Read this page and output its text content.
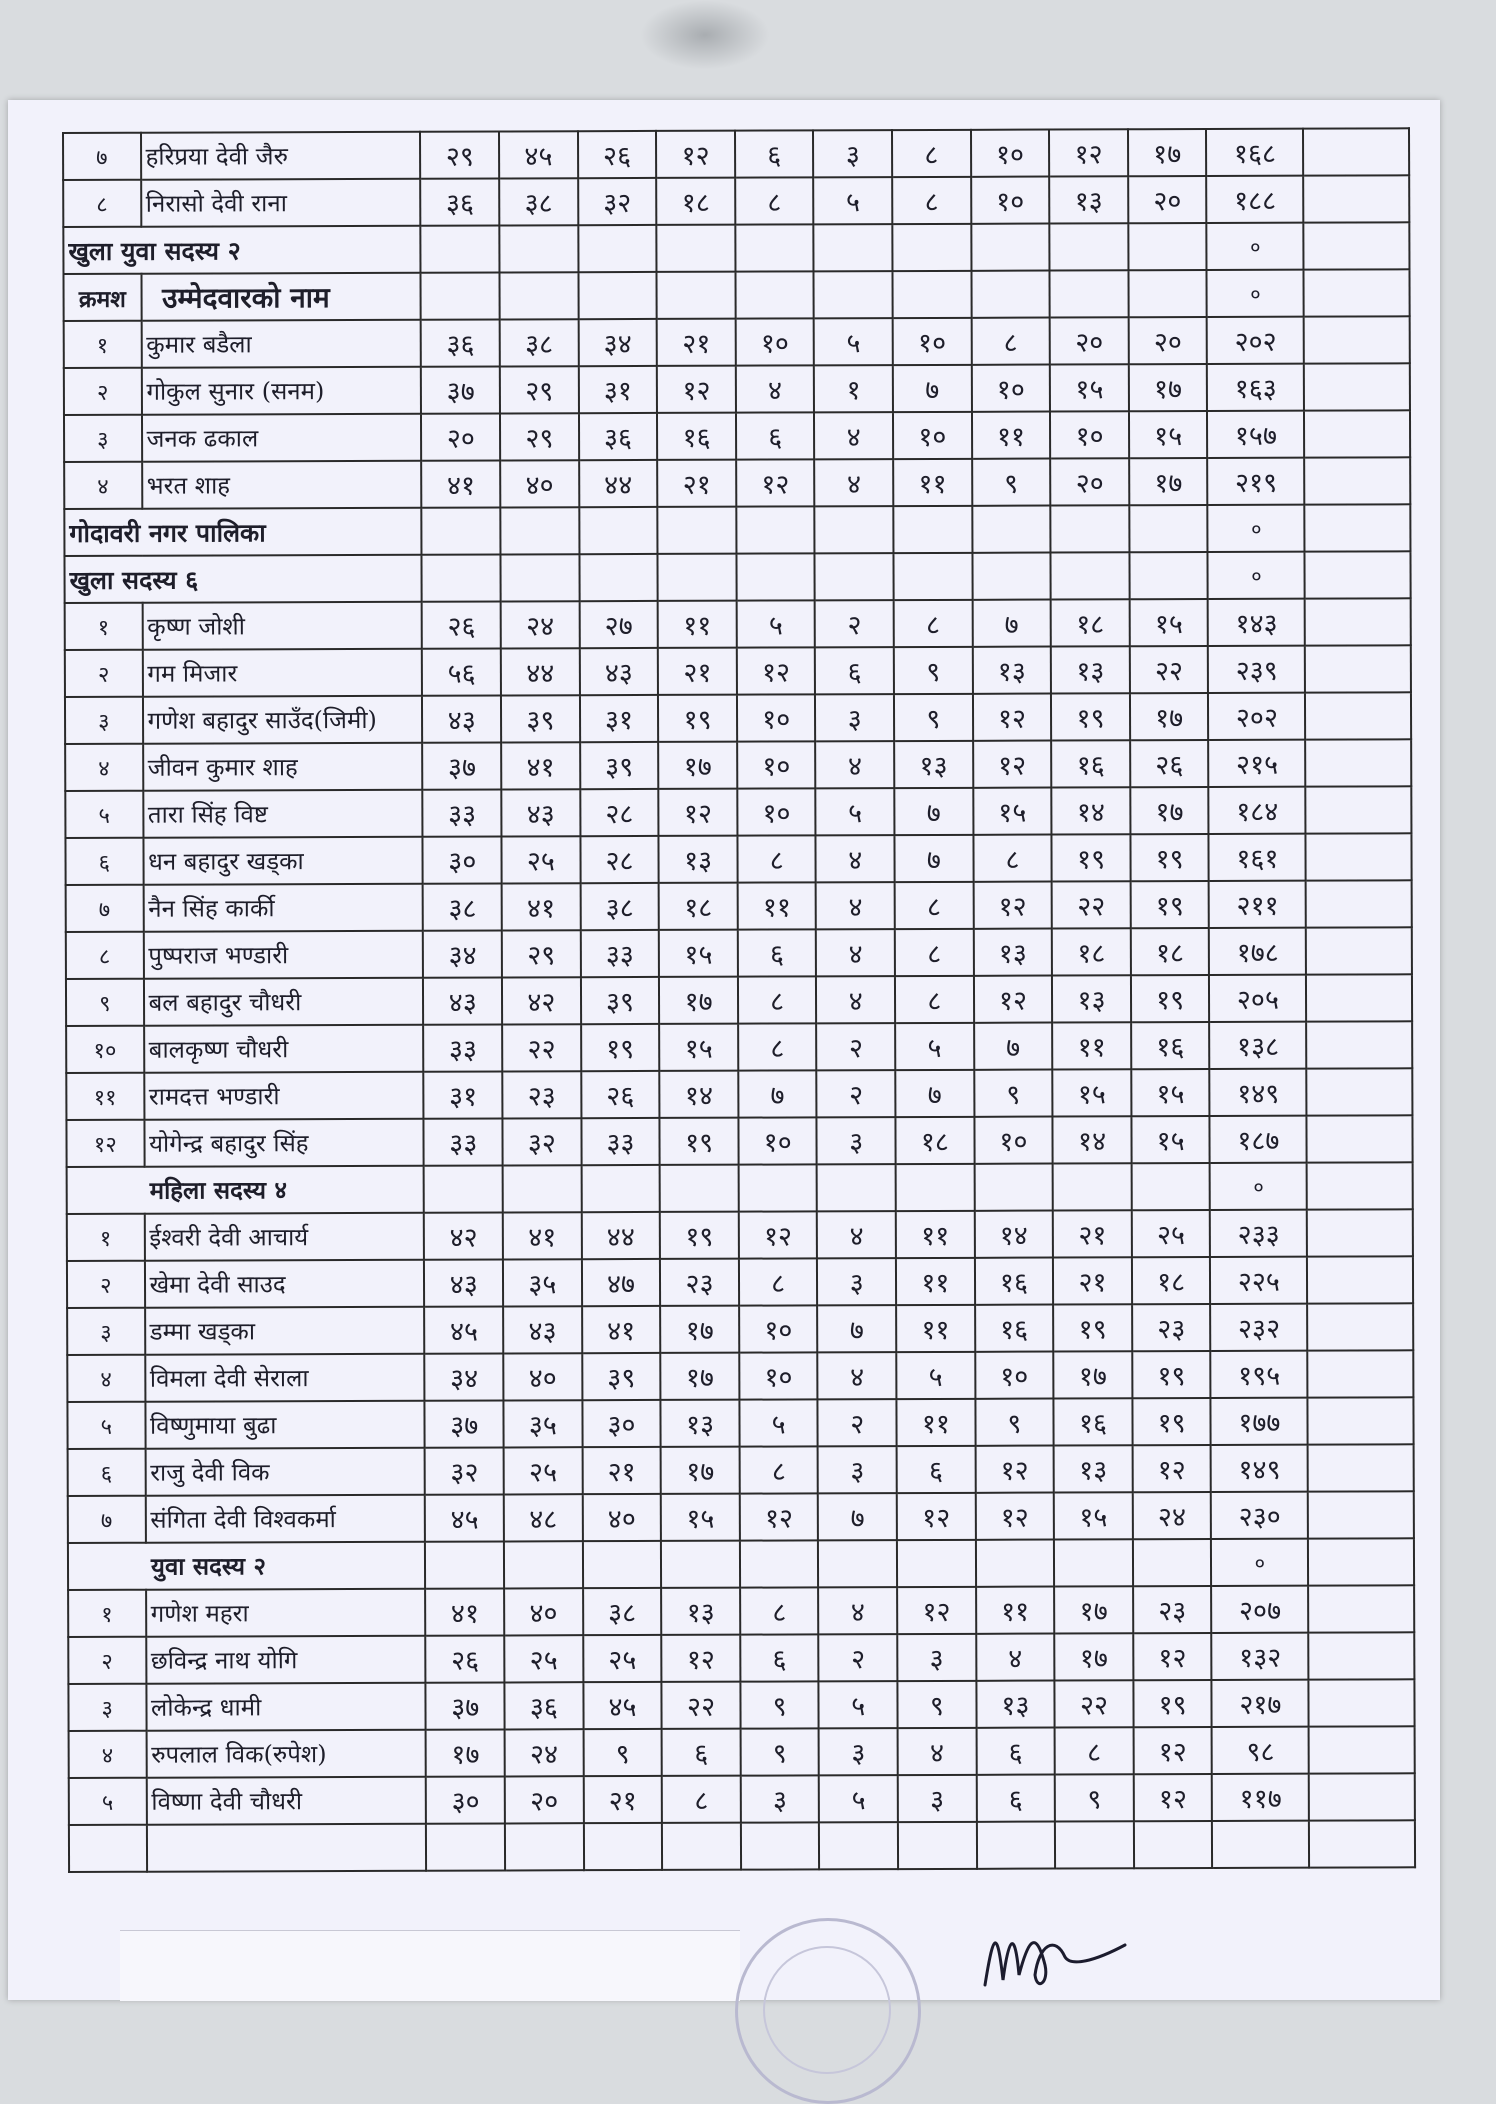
७	हरिप्रया देवी जैरु	२९	४५	२६	१२	६	३	८	१०	१२	१७	१६८	
८	निरासो देवी राना	३६	३८	३२	१८	८	५	८	१०	१३	२०	१८८	
खुला युवा सदस्य २												०	
क्रमश	उम्मेदवारको नाम											०	
१	कुमार बडैला	३६	३८	३४	२१	१०	५	१०	८	२०	२०	२०२	
२	गोकुल सुनार (सनम)	३७	२९	३१	१२	४	१	७	१०	१५	१७	१६३	
३	जनक ढकाल	२०	२९	३६	१६	६	४	१०	११	१०	१५	१५७	
४	भरत शाह	४१	४०	४४	२१	१२	४	११	९	२०	१७	२१९	
गोदावरी नगर पालिका												०	
खुला सदस्य ६												०	
१	कृष्ण जोशी	२६	२४	२७	११	५	२	८	७	१८	१५	१४३	
२	गम मिजार	५६	४४	४३	२१	१२	६	९	१३	१३	२२	२३९	
३	गणेश बहादुर साउँद(जिमी)	४३	३९	३१	१९	१०	३	९	१२	१९	१७	२०२	
४	जीवन कुमार शाह	३७	४१	३९	१७	१०	४	१३	१२	१६	२६	२१५	
५	तारा सिंह विष्ट	३३	४३	२८	१२	१०	५	७	१५	१४	१७	१८४	
६	धन बहादुर खड्का	३०	२५	२८	१३	८	४	७	८	१९	१९	१६१	
७	नैन सिंह कार्की	३८	४१	३८	१८	११	४	८	१२	२२	१९	२११	
८	पुष्पराज भण्डारी	३४	२९	३३	१५	६	४	८	१३	१८	१८	१७८	
९	बल बहादुर चौधरी	४३	४२	३९	१७	८	४	८	१२	१३	१९	२०५	
१०	बालकृष्ण चौधरी	३३	२२	१९	१५	८	२	५	७	११	१६	१३८	
११	रामदत्त भण्डारी	३१	२३	२६	१४	७	२	७	९	१५	१५	१४९	
१२	योगेन्द्र बहादुर सिंह	३३	३२	३३	१९	१०	३	१८	१०	१४	१५	१८७	
महिला सदस्य ४												०	
१	ईश्वरी देवी आचार्य	४२	४१	४४	१९	१२	४	११	१४	२१	२५	२३३	
२	खेमा देवी साउद	४३	३५	४७	२३	८	३	११	१६	२१	१८	२२५	
३	डम्मा खड्का	४५	४३	४१	१७	१०	७	११	१६	१९	२३	२३२	
४	विमला देवी सेराला	३४	४०	३९	१७	१०	४	५	१०	१७	१९	१९५	
५	विष्णुमाया बुढा	३७	३५	३०	१३	५	२	११	९	१६	१९	१७७	
६	राजु देवी विक	३२	२५	२१	१७	८	३	६	१२	१३	१२	१४९	
७	संगिता देवी विश्वकर्मा	४५	४८	४०	१५	१२	७	१२	१२	१५	२४	२३०	
युवा सदस्य २												०	
१	गणेश महरा	४१	४०	३८	१३	८	४	१२	११	१७	२३	२०७	
२	छविन्द्र नाथ योगि	२६	२५	२५	१२	६	२	३	४	१७	१२	१३२	
३	लोकेन्द्र धामी	३७	३६	४५	२२	९	५	९	१३	२२	१९	२१७	
४	रुपलाल विक(रुपेश)	१७	२४	९	६	९	३	४	६	८	१२	९८	
५	विष्णा देवी चौधरी	३०	२०	२१	८	३	५	३	६	९	१२	११७	
